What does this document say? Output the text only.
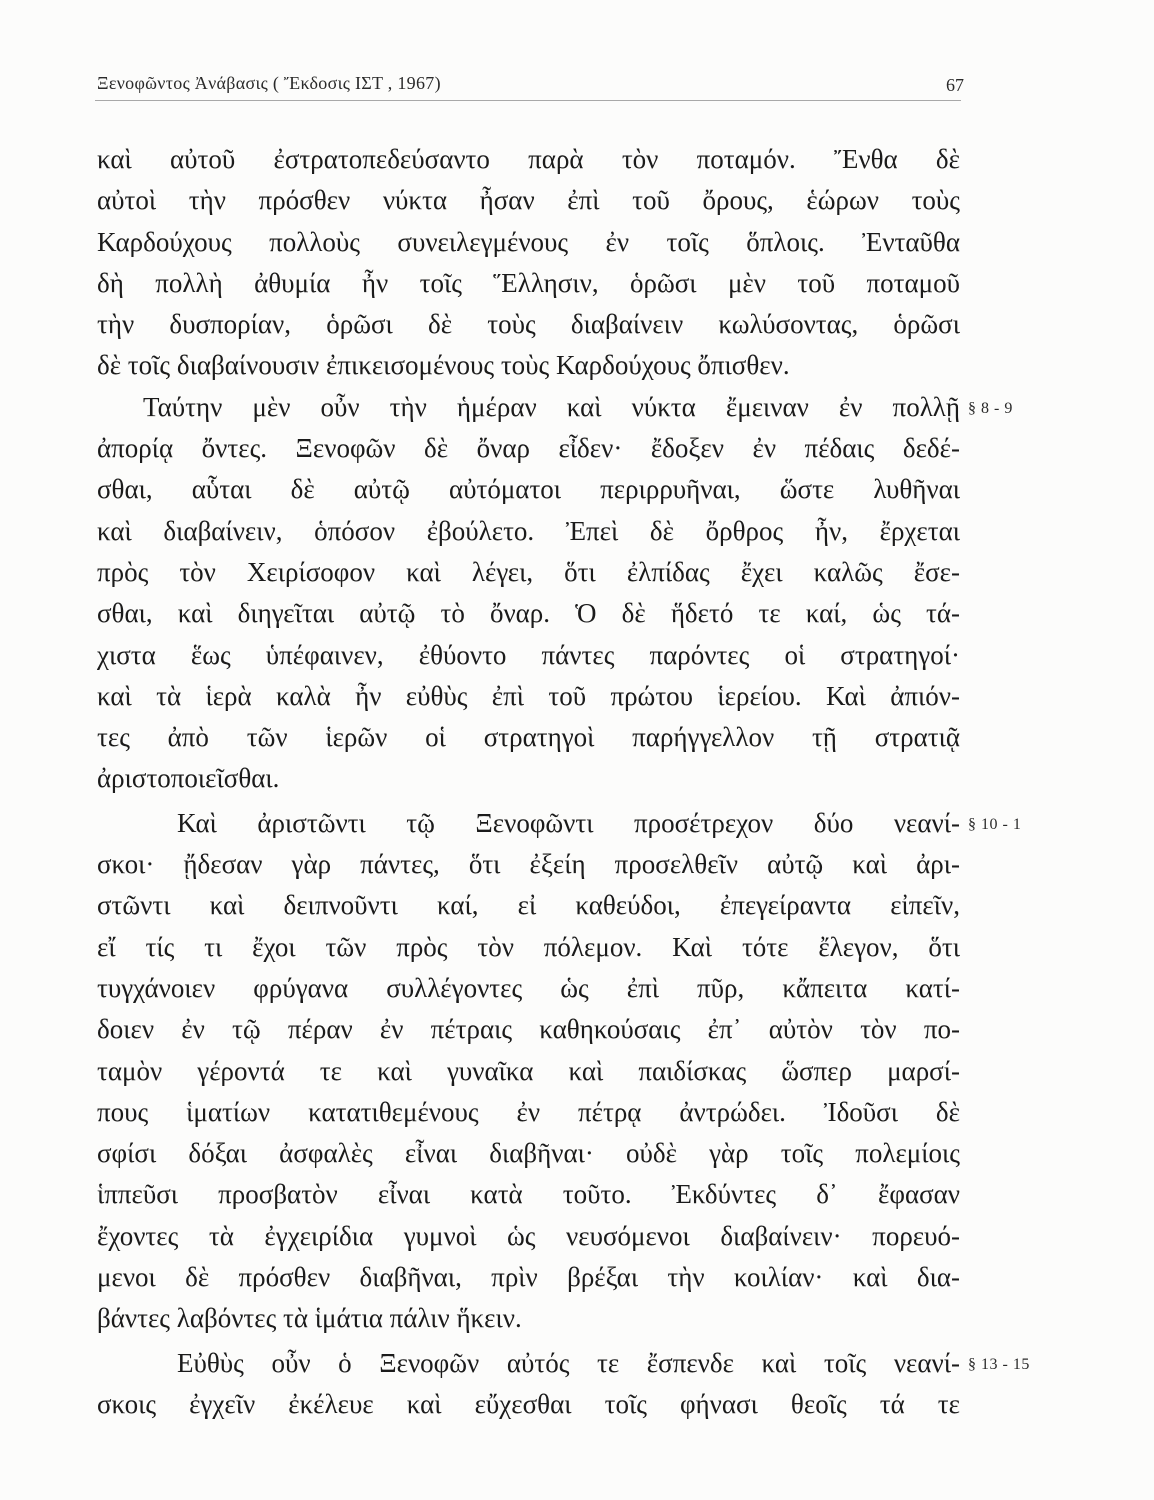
Ξενοφῶντος Ἀνάβασις ( Ἔκδοσις ΙΣΤ , 1967)	67
καὶ αὐτοῦ ἐστρατοπεδεύσαντο παρὰ τὸν ποταμόν. Ἔνθα δὲ
αὐτοὶ τὴν πρόσθεν νύκτα ἦσαν ἐπὶ τοῦ ὄρους, ἑώρων τοὺς
Καρδούχους πολλοὺς συνειλεγμένους ἐν τοῖς ὅπλοις. Ἐνταῦθα
δὴ πολλὴ ἀθυμία ἦν τοῖς Ἕλλησιν, ὁρῶσι μὲν τοῦ ποταμοῦ
τὴν δυσπορίαν, ὁρῶσι δὲ τοὺς διαβαίνειν κωλύσοντας, ὁρῶσι
δὲ τοῖς διαβαίνουσιν ἐπικεισομένους τοὺς Καρδούχους ὄπισθεν.
§ 8 - 9
Ταύτην μὲν οὖν τὴν ἡμέραν καὶ νύκτα ἔμειναν ἐν πολλῇ
ἀπορίᾳ ὄντες. Ξενοφῶν δὲ ὄναρ εἶδεν· ἔδοξεν ἐν πέδαις δεδέ-
σθαι, αὗται δὲ αὐτῷ αὐτόματοι περιρρυῆναι, ὥστε λυθῆναι
καὶ διαβαίνειν, ὁπόσον ἐβούλετο. Ἐπεὶ δὲ ὄρθρος ἦν, ἔρχεται
πρὸς τὸν Χειρίσοφον καὶ λέγει, ὅτι ἐλπίδας ἔχει καλῶς ἔσε-
σθαι, καὶ διηγεῖται αὐτῷ τὸ ὄναρ. Ὁ δὲ ἥδετό τε καί, ὡς τά-
χιστα ἕως ὑπέφαινεν, ἐθύοντο πάντες παρόντες οἱ στρατηγοί·
καὶ τὰ ἱερὰ καλὰ ἦν εὐθὺς ἐπὶ τοῦ πρώτου ἱερείου. Καὶ ἀπιόν-
τες ἀπὸ τῶν ἱερῶν οἱ στρατηγοὶ παρήγγελλον τῇ στρατιᾷ
ἀριστοποιεῖσθαι.
§ 10 - 1
Καὶ ἀριστῶντι τῷ Ξενοφῶντι προσέτρεχον δύο νεανί-
σκοι· ᾔδεσαν γὰρ πάντες, ὅτι ἐξείη προσελθεῖν αὐτῷ καὶ ἀρι-
στῶντι καὶ δειπνοῦντι καί, εἰ καθεύδοι, ἐπεγείραντα εἰπεῖν,
εἴ τίς τι ἔχοι τῶν πρὸς τὸν πόλεμον. Καὶ τότε ἔλεγον, ὅτι
τυγχάνοιεν φρύγανα συλλέγοντες ὡς ἐπὶ πῦρ, κἄπειτα κατί-
δοιεν ἐν τῷ πέραν ἐν πέτραις καθηκούσαις ἐπ᾽ αὐτὸν τὸν πο-
ταμὸν γέροντά τε καὶ γυναῖκα καὶ παιδίσκας ὥσπερ μαρσί-
πους ἱματίων κατατιθεμένους ἐν πέτρᾳ ἀντρώδει. Ἰδοῦσι δὲ
σφίσι δόξαι ἀσφαλὲς εἶναι διαβῆναι· οὐδὲ γὰρ τοῖς πολεμίοις
ἱππεῦσι προσβατὸν εἶναι κατὰ τοῦτο. Ἐκδύντες δ᾽ ἔφασαν
ἔχοντες τὰ ἐγχειρίδια γυμνοὶ ὡς νευσόμενοι διαβαίνειν· πορευό-
μενοι δὲ πρόσθεν διαβῆναι, πρὶν βρέξαι τὴν κοιλίαν· καὶ δια-
βάντες λαβόντες τὰ ἱμάτια πάλιν ἥκειν.
§ 13 - 15
Εὐθὺς οὖν ὁ Ξενοφῶν αὐτός τε ἔσπενδε καὶ τοῖς νεανί-
σκοις ἐγχεῖν ἐκέλευε καὶ εὔχεσθαι τοῖς φήνασι θεοῖς τά τε
